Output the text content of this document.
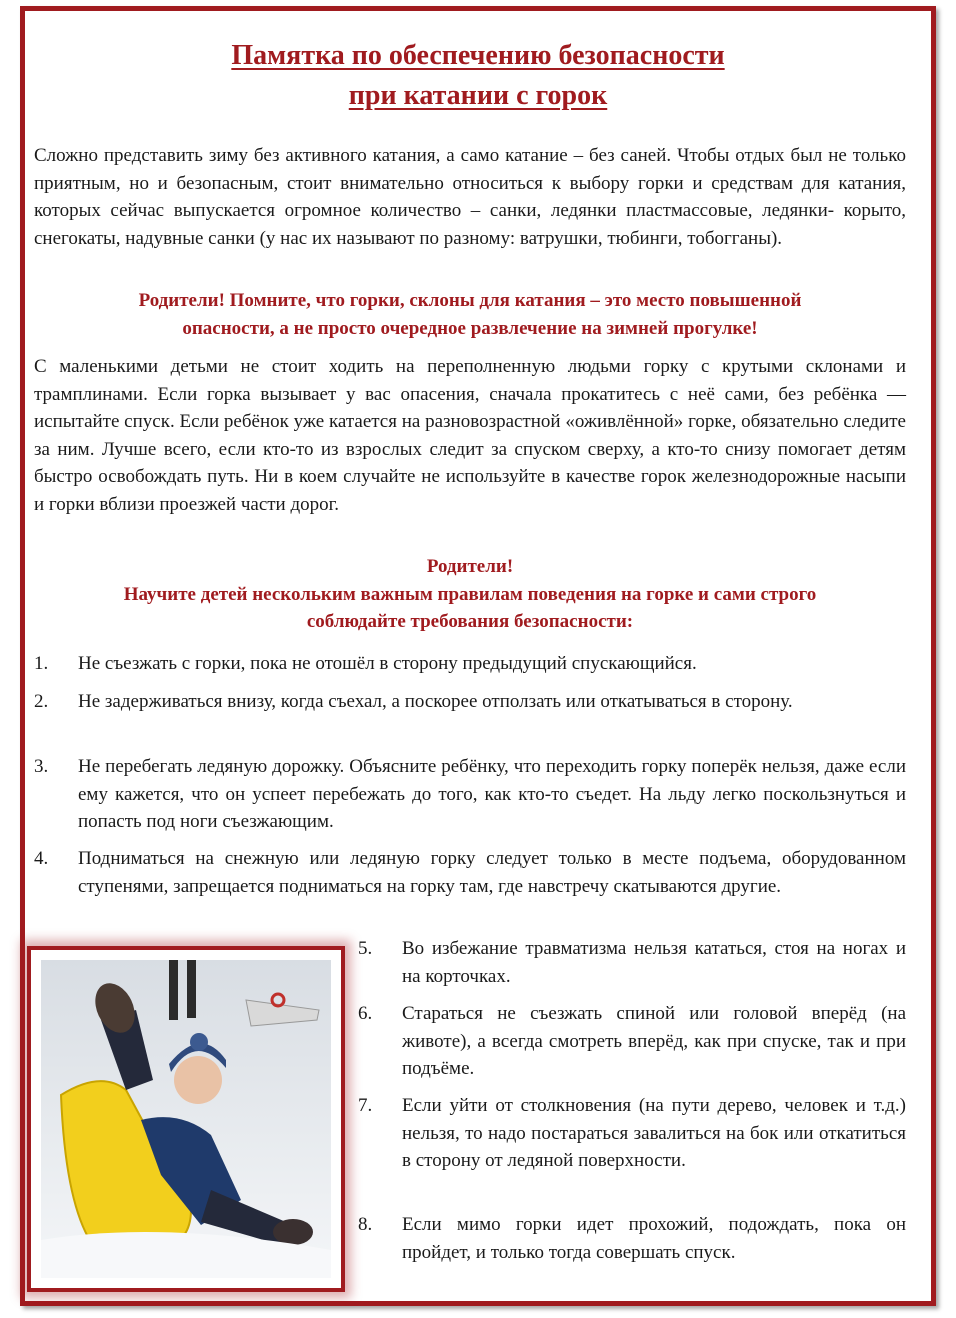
Памятка по обеспечению безопасности
при катании с горок

Сложно представить зиму без активного катания, а само катание – без саней. Чтобы отдых был не только приятным, но и безопасным, стоит внимательно относиться к выбору горки и средствам для катания, которых сейчас выпускается огромное количество – санки, ледянки пластмассовые, ледянки- корыто, снегокаты, надувные санки (у нас их называют по разному: ватрушки, тюбинги, тобогганы).

Родители! Помните, что горки, склоны для катания – это место повышенной
опасности, а не просто очередное развлечение на зимней прогулке!

С маленькими детьми не стоит ходить на переполненную людьми горку с крутыми склонами и трамплинами. Если горка вызывает у вас опасения, сначала прокатитесь с неё сами, без ребёнка — испытайте спуск. Если ребёнок уже катается на разновозрастной «оживлённой» горке, обязательно следите за ним. Лучше всего, если кто-то из взрослых следит за спуском сверху, а кто-то снизу помогает детям быстро освобождать путь. Ни в коем случайте не используйте в качестве горок железнодорожные насыпи и горки вблизи проезжей части дорог.

Родители!
Научите детей нескольким важным правилам поведения на горке и сами строго
соблюдайте требования безопасности:
1.	Не съезжать с горки, пока не отошёл в сторону предыдущий спускающийся.
2.	Не задерживаться внизу, когда съехал, а поскорее отползать или откатываться в сторону.
3.	Не перебегать ледяную дорожку. Объясните ребёнку, что переходить горку поперёк нельзя, даже если ему кажется, что он успеет перебежать до того, как кто-то съедет. На льду легко поскользнуться и попасть под ноги съезжающим.
4.	Подниматься на снежную или ледяную горку следует только в месте подъема, оборудованном ступенями, запрещается подниматься на горку там, где навстречу скатываются другие.
5.	Во избежание травматизма нельзя кататься, стоя на ногах и на корточках.
6.	Стараться не съезжать спиной или головой вперёд (на животе), а всегда смотреть вперёд, как при спуске, так и при подъёме.
7.	Если уйти от столкновения (на пути дерево, человек и т.д.) нельзя, то надо постараться завалиться на бок или откатиться в сторону от ледяной поверхности.
8.	Если мимо горки идет прохожий, подождать, пока он пройдет, и только тогда совершать спуск.
